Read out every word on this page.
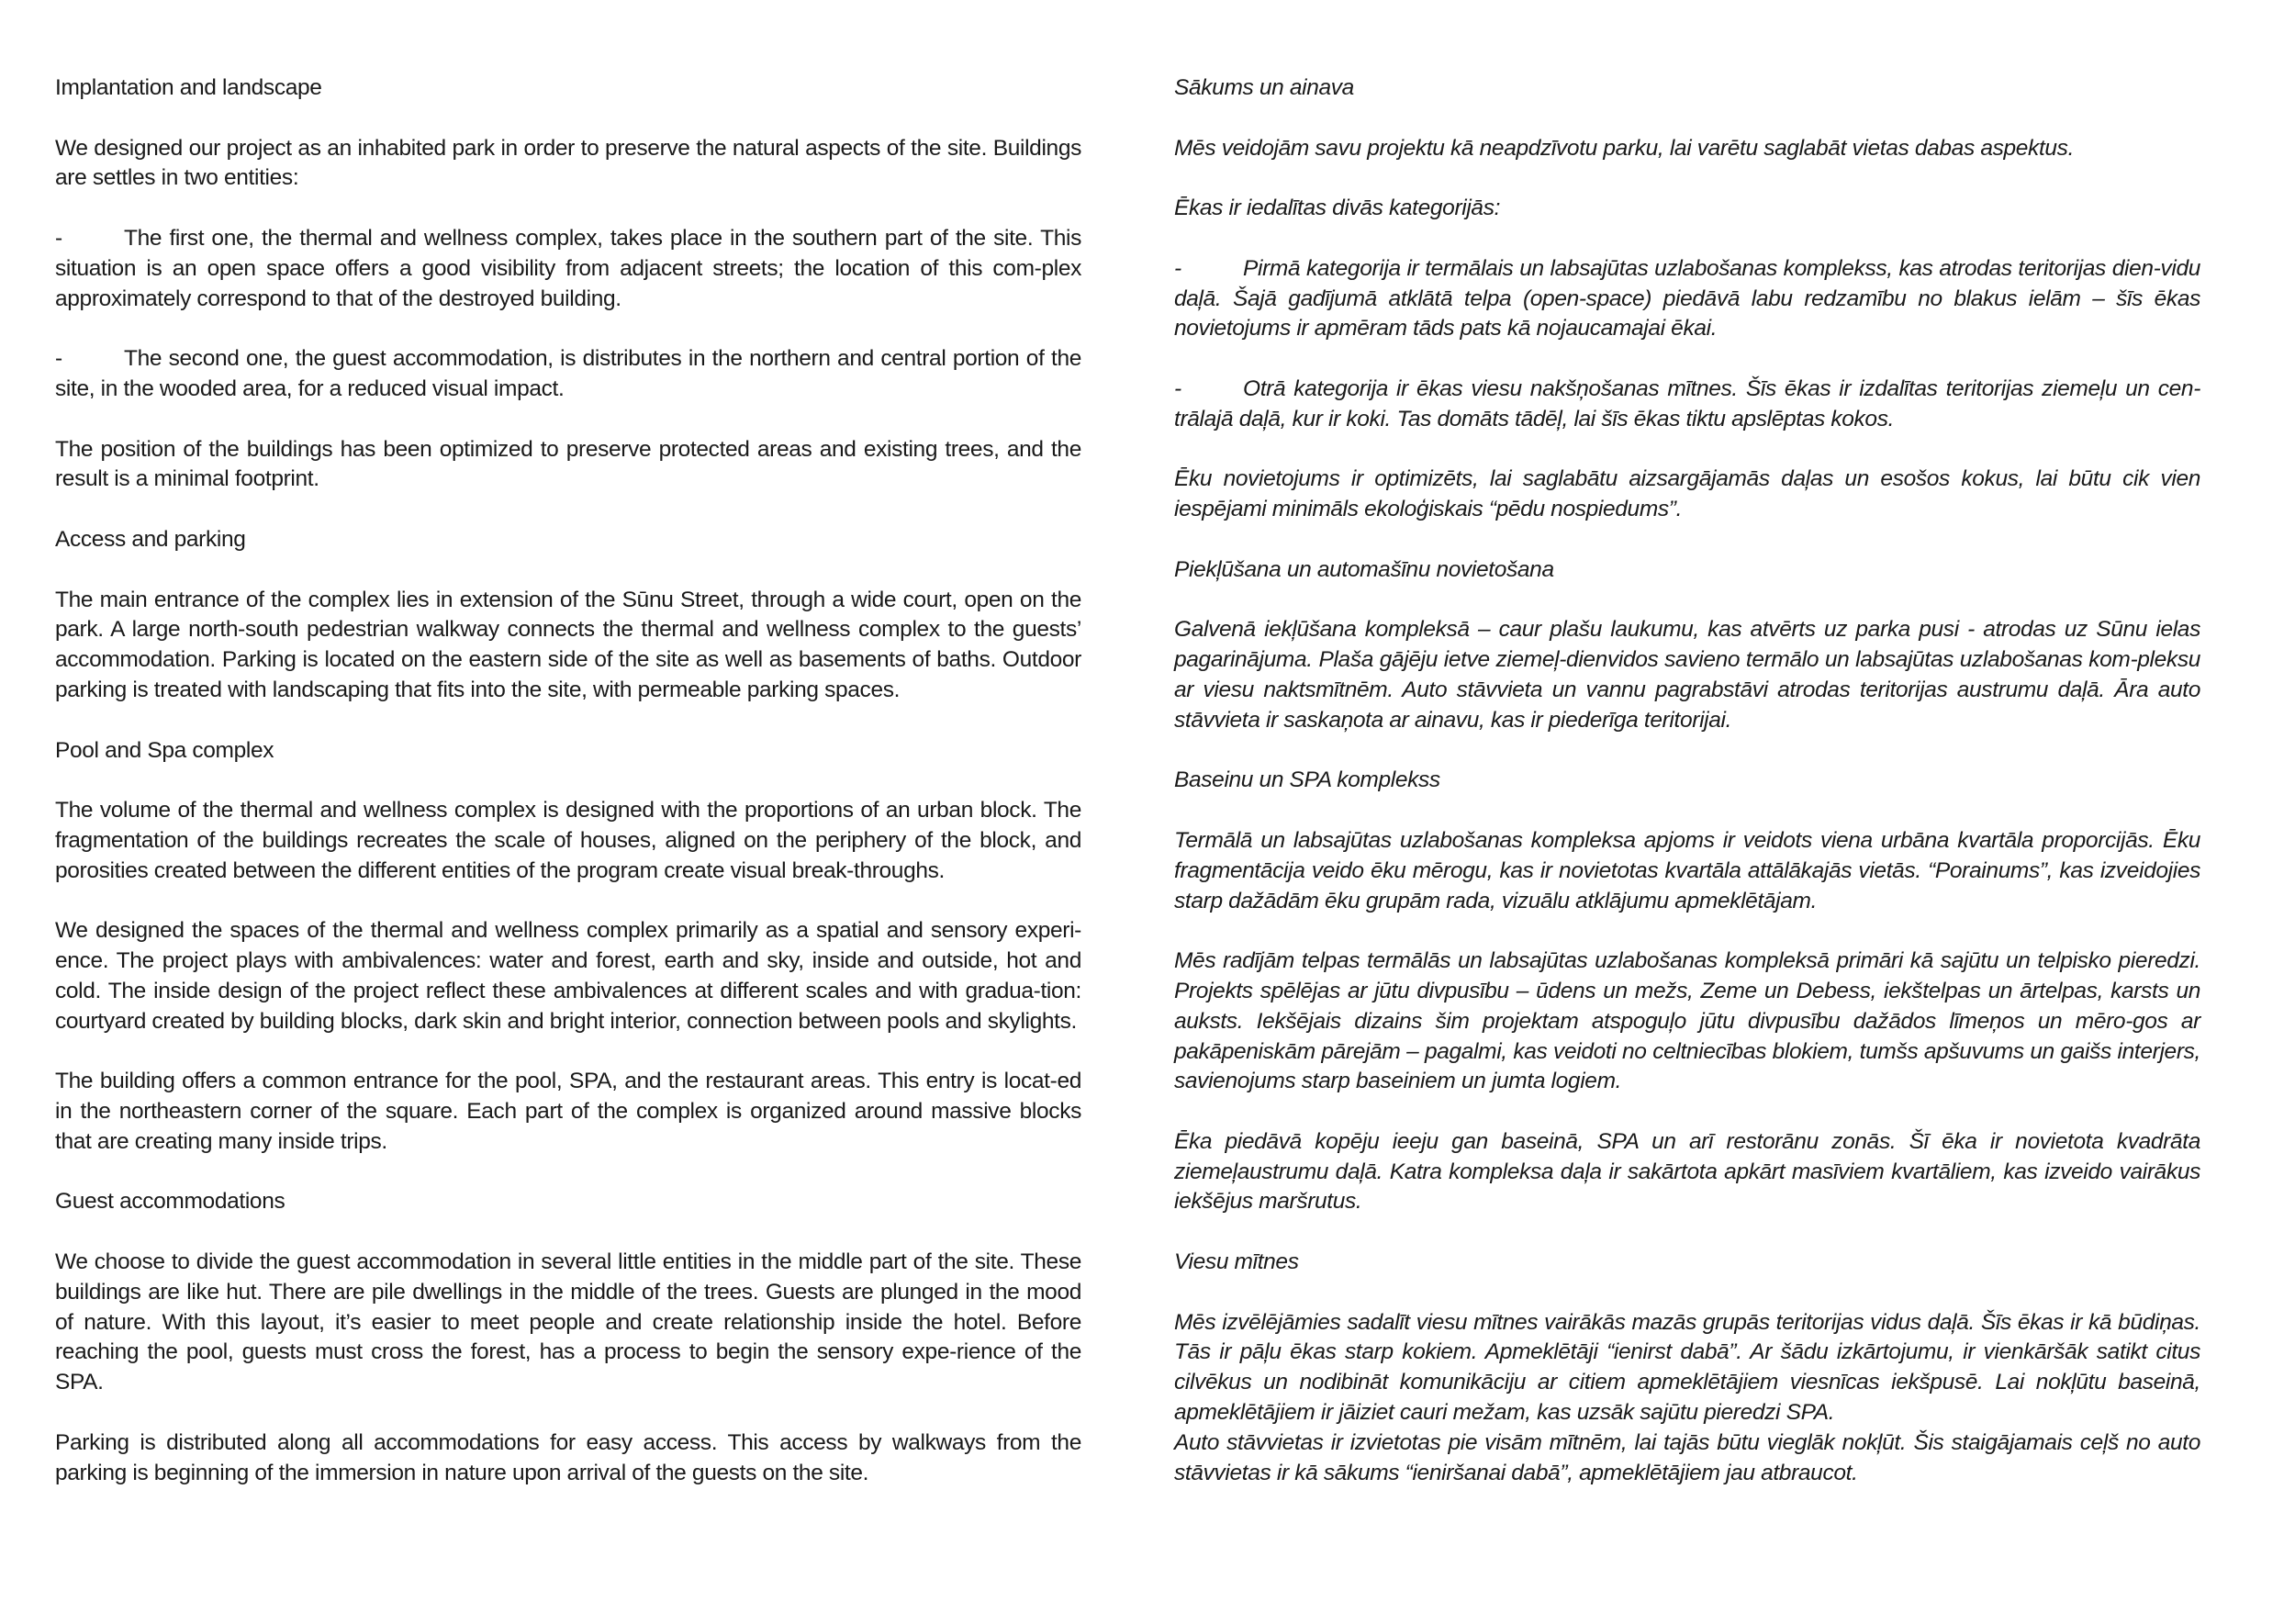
Implantation and landscape

We designed our project as an inhabited park in order to preserve the natural aspects of the site. Buildings are settles in two entities:

-	The first one, the thermal and wellness complex, takes place in the southern part of the site. This situation is an open space offers a good visibility from adjacent streets; the location of this com-plex approximately correspond to that of the destroyed building.

-	The second one, the guest accommodation, is distributes in the northern and central portion of the site, in the wooded area, for a reduced visual impact.

The position of the buildings has been optimized to preserve protected areas and existing trees, and the result is a minimal footprint.

Access and parking

The main entrance of the complex lies in extension of the Sūnu Street, through a wide court, open on the park. A large north-south pedestrian walkway connects the thermal and wellness complex to the guests’ accommodation. Parking is located on the eastern side of the site as well as basements of baths. Outdoor parking is treated with landscaping that fits into the site, with permeable parking spaces.

Pool and Spa complex

The volume of the thermal and wellness complex is designed with the proportions of an urban block. The fragmentation of the buildings recreates the scale of houses, aligned on the periphery of the block, and porosities created between the different entities of the program create visual break-throughs.

We designed the spaces of the thermal and wellness complex primarily as a spatial and sensory experi-ence. The project plays with ambivalences: water and forest, earth and sky, inside and outside, hot and cold. The inside design of the project reflect these ambivalences at different scales and with gradua-tion: courtyard created by building blocks, dark skin and bright interior, connection between pools and skylights.

The building offers a common entrance for the pool, SPA, and the restaurant areas. This entry is locat-ed in the northeastern corner of the square. Each part of the complex is organized around massive blocks that are creating many inside trips.

Guest accommodations

We choose to divide the guest accommodation in several little entities in the middle part of the site. These buildings are like hut. There are pile dwellings in the middle of the trees. Guests are plunged in the mood of nature. With this layout, it’s easier to meet people and create relationship inside the hotel. Before reaching the pool, guests must cross the forest, has a process to begin the sensory expe-rience of the SPA.

Parking is distributed along all accommodations for easy access. This access by walkways from the parking is beginning of the immersion in nature upon arrival of the guests on the site.

Sākums un ainava

Mēs veidojām savu projektu kā neapdzīvotu parku, lai varētu saglabāt vietas dabas aspektus.

Ēkas ir iedalītas divās kategorijās:

-	Pirmā kategorija ir termālais un labsajūtas uzlabošanas komplekss, kas atrodas teritorijas dien-vidu daļā. Šajā gadījumā atklātā telpa (open-space) piedāvā labu redzamību no blakus ielām – šīs ēkas novietojums ir apmēram tāds pats kā nojaucamajai ēkai.

-	Otrā kategorija ir ēkas viesu nakšņošanas mītnes. Šīs ēkas ir izdalītas teritorijas ziemeļu un cen-trālajā daļā, kur ir koki. Tas domāts tādēļ, lai šīs ēkas tiktu apslēptas kokos.

Ēku novietojums ir optimizēts, lai saglabātu aizsargājamās daļas un esošos kokus, lai būtu cik vien iespējami minimāls ekoloģiskais “pēdu nospiedums”.

Piekļūšana un automašīnu novietošana

Galvenā iekļūšana kompleksā – caur plašu laukumu, kas atvērts uz parka pusi - atrodas uz Sūnu ielas pagarinājuma. Plaša gājēju ietve ziemeļ-dienvidos savieno termālo un labsajūtas uzlabošanas kom-pleksu ar viesu naktsmītnēm. Auto stāvvieta un vannu pagrabstāvi atrodas teritorijas austrumu daļā. Āra auto stāvvieta ir saskaņota ar ainavu, kas ir piederīga teritorijai.

Baseinu un SPA komplekss

Termālā un labsajūtas uzlabošanas kompleksa apjoms ir veidots viena urbāna kvartāla proporcijās. Ēku fragmentācija veido ēku mērogu, kas ir novietotas kvartāla attālākajās vietās. “Porainums”, kas izveidojies starp dažādām ēku grupām rada, vizuālu atklājumu apmeklētājam.

Mēs radījām telpas termālās un labsajūtas uzlabošanas kompleksā primāri kā sajūtu un telpisko pieredzi. Projekts spēlējas ar jūtu divpusību – ūdens un mežs, Zeme un Debess, iekštelpas un ārtelpas, karsts un auksts. Iekšējais dizains šim projektam atspoguļo jūtu divpusību dažādos līmeņos un mēro-gos ar pakāpeniskām pārejām – pagalmi, kas veidoti no celtniecības blokiem, tumšs apšuvums un gaišs interjers, savienojums starp baseiniem un jumta logiem.

Ēka piedāvā kopēju ieeju gan baseinā, SPA un arī restorānu zonās. Šī ēka ir novietota kvadrāta ziemeļaustrumu daļā. Katra kompleksa daļa ir sakārtota apkārt masīviem kvartāliem, kas izveido vairākus iekšējus maršrutus.

Viesu mītnes

Mēs izvēlējāmies sadalīt viesu mītnes vairākās mazās grupās teritorijas vidus daļā. Šīs ēkas ir kā būdiņas. Tās ir pāļu ēkas starp kokiem. Apmeklētāji “ienirst dabā”. Ar šādu izkārtojumu, ir vienkāršāk satikt citus cilvēkus un nodibināt komunikāciju ar citiem apmeklētājiem viesnīcas iekšpusē. Lai nokļūtu baseinā, apmeklētājiem ir jāiziet cauri mežam, kas uzsāk sajūtu pieredzi SPA.

Auto stāvvietas ir izvietotas pie visām mītnēm, lai tajās būtu vieglāk nokļūt. Šis staigājamais ceļš no auto stāvvietas ir kā sākums “ieniršanai dabā”, apmeklētājiem jau atbraucot.
